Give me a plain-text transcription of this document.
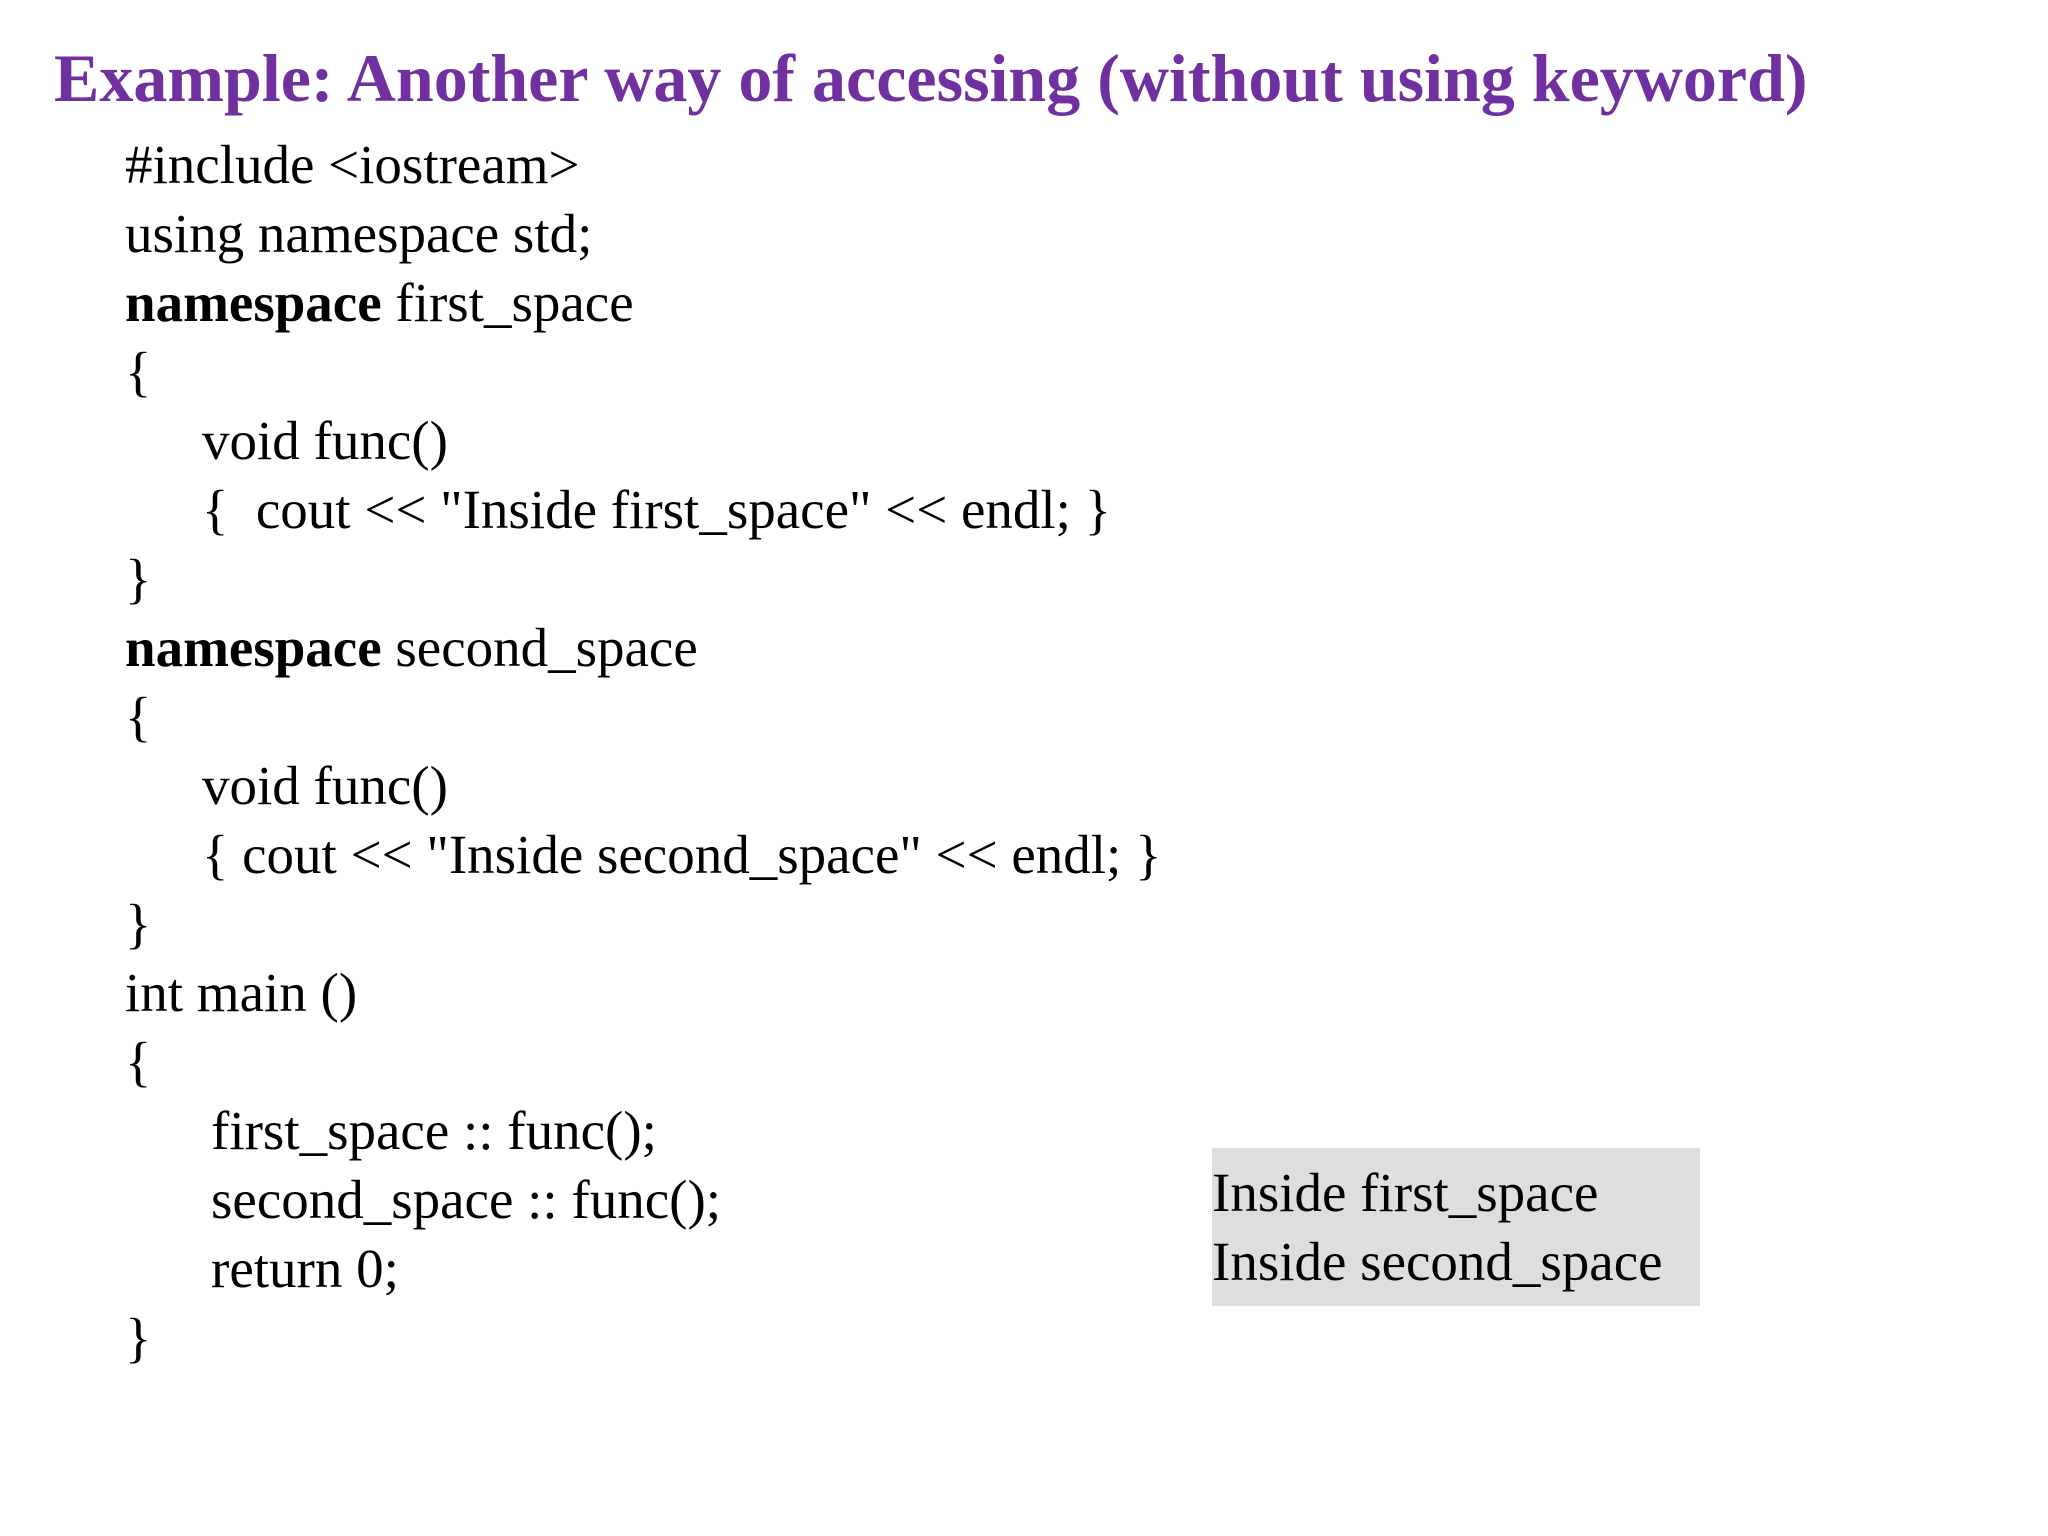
Example: Another way of accessing (without using keyword)
#include <iostream>
using namespace std;
namespace first_space
{
void func()
{  cout << "Inside first_space" << endl; }
}
namespace second_space
{
void func()
{ cout << "Inside second_space" << endl; }
}
int main ()
{
first_space :: func();
second_space :: func();
return 0;
}
Inside first_space
Inside second_space
